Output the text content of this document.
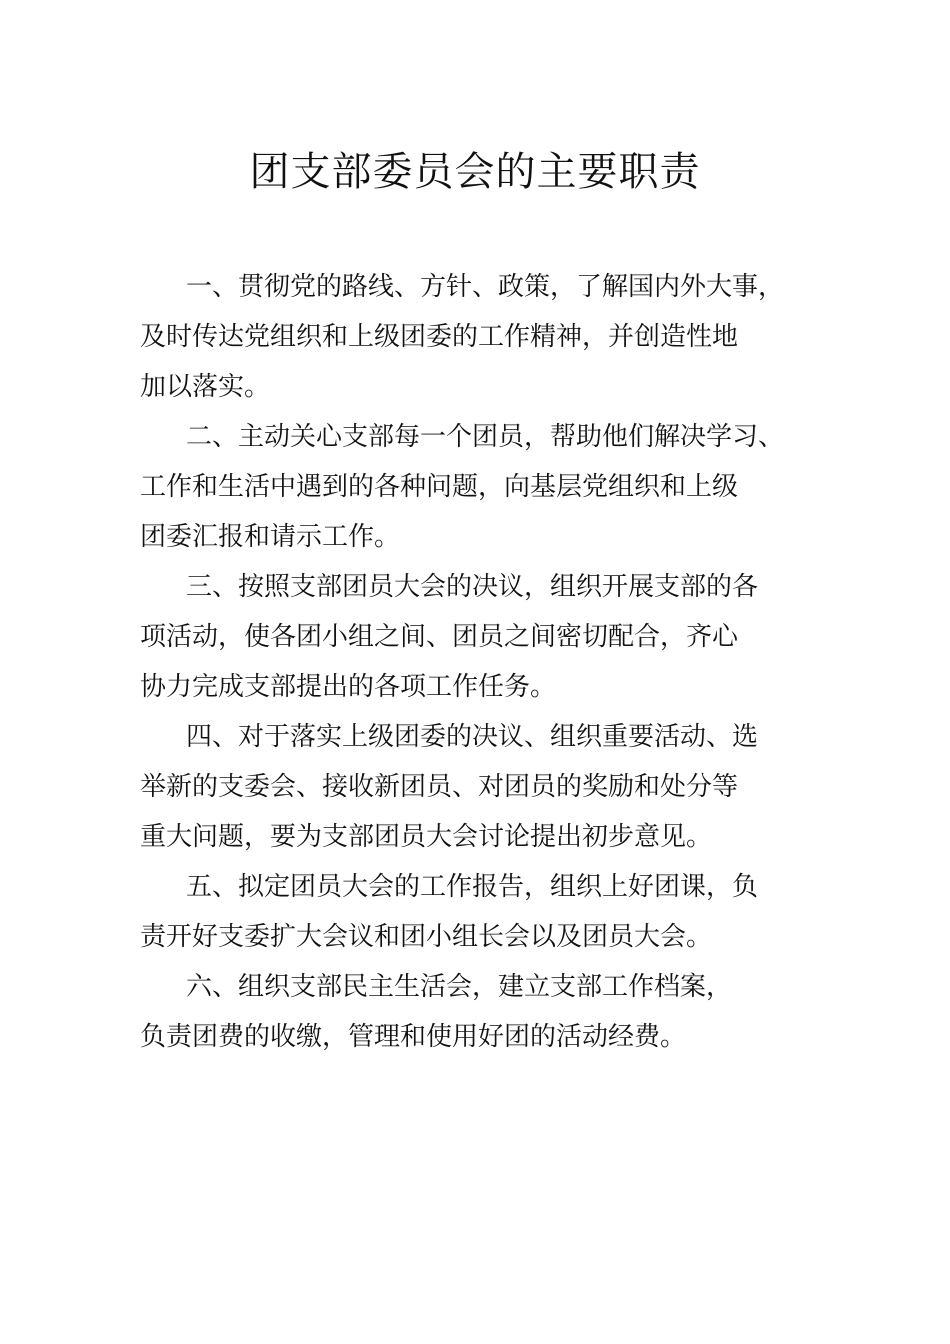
团支部委员会的主要职责

一、贯彻党的路线、方针、政策，了解国内外大事，
及时传达党组织和上级团委的工作精神，并创造性地
加以落实。

二、主动关心支部每一个团员，帮助他们解决学习、
工作和生活中遇到的各种问题，向基层党组织和上级
团委汇报和请示工作。

三、按照支部团员大会的决议，组织开展支部的各
项活动，使各团小组之间、团员之间密切配合，齐心
协力完成支部提出的各项工作任务。

四、对于落实上级团委的决议、组织重要活动、选
举新的支委会、接收新团员、对团员的奖励和处分等
重大问题，要为支部团员大会讨论提出初步意见。

五、拟定团员大会的工作报告，组织上好团课，负
责开好支委扩大会议和团小组长会以及团员大会。

六、组织支部民主生活会，建立支部工作档案，
负责团费的收缴，管理和使用好团的活动经费。
